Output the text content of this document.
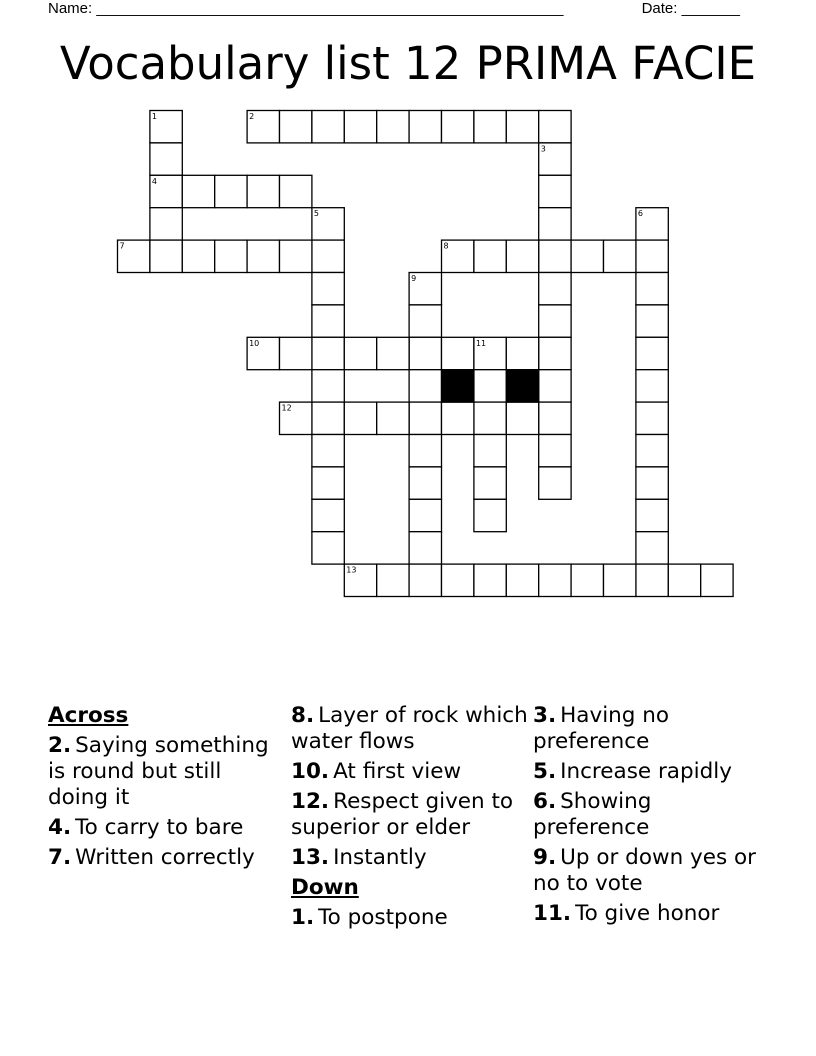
Name: ________________________________________________________	Date: _______
Vocabulary list 12 PRIMA FACIE
1	2
3
4
5	6
7	8
9
10	11
12
13
Across
2. Saying something is round but still doing it
4. To carry to bare
7. Written correctly
8. Layer of rock which water flows
10. At first view
12. Respect given to superior or elder
13. Instantly
Down
1. To postpone
3. Having no preference
5. Increase rapidly
6. Showing preference
9. Up or down yes or no to vote
11. To give honor
